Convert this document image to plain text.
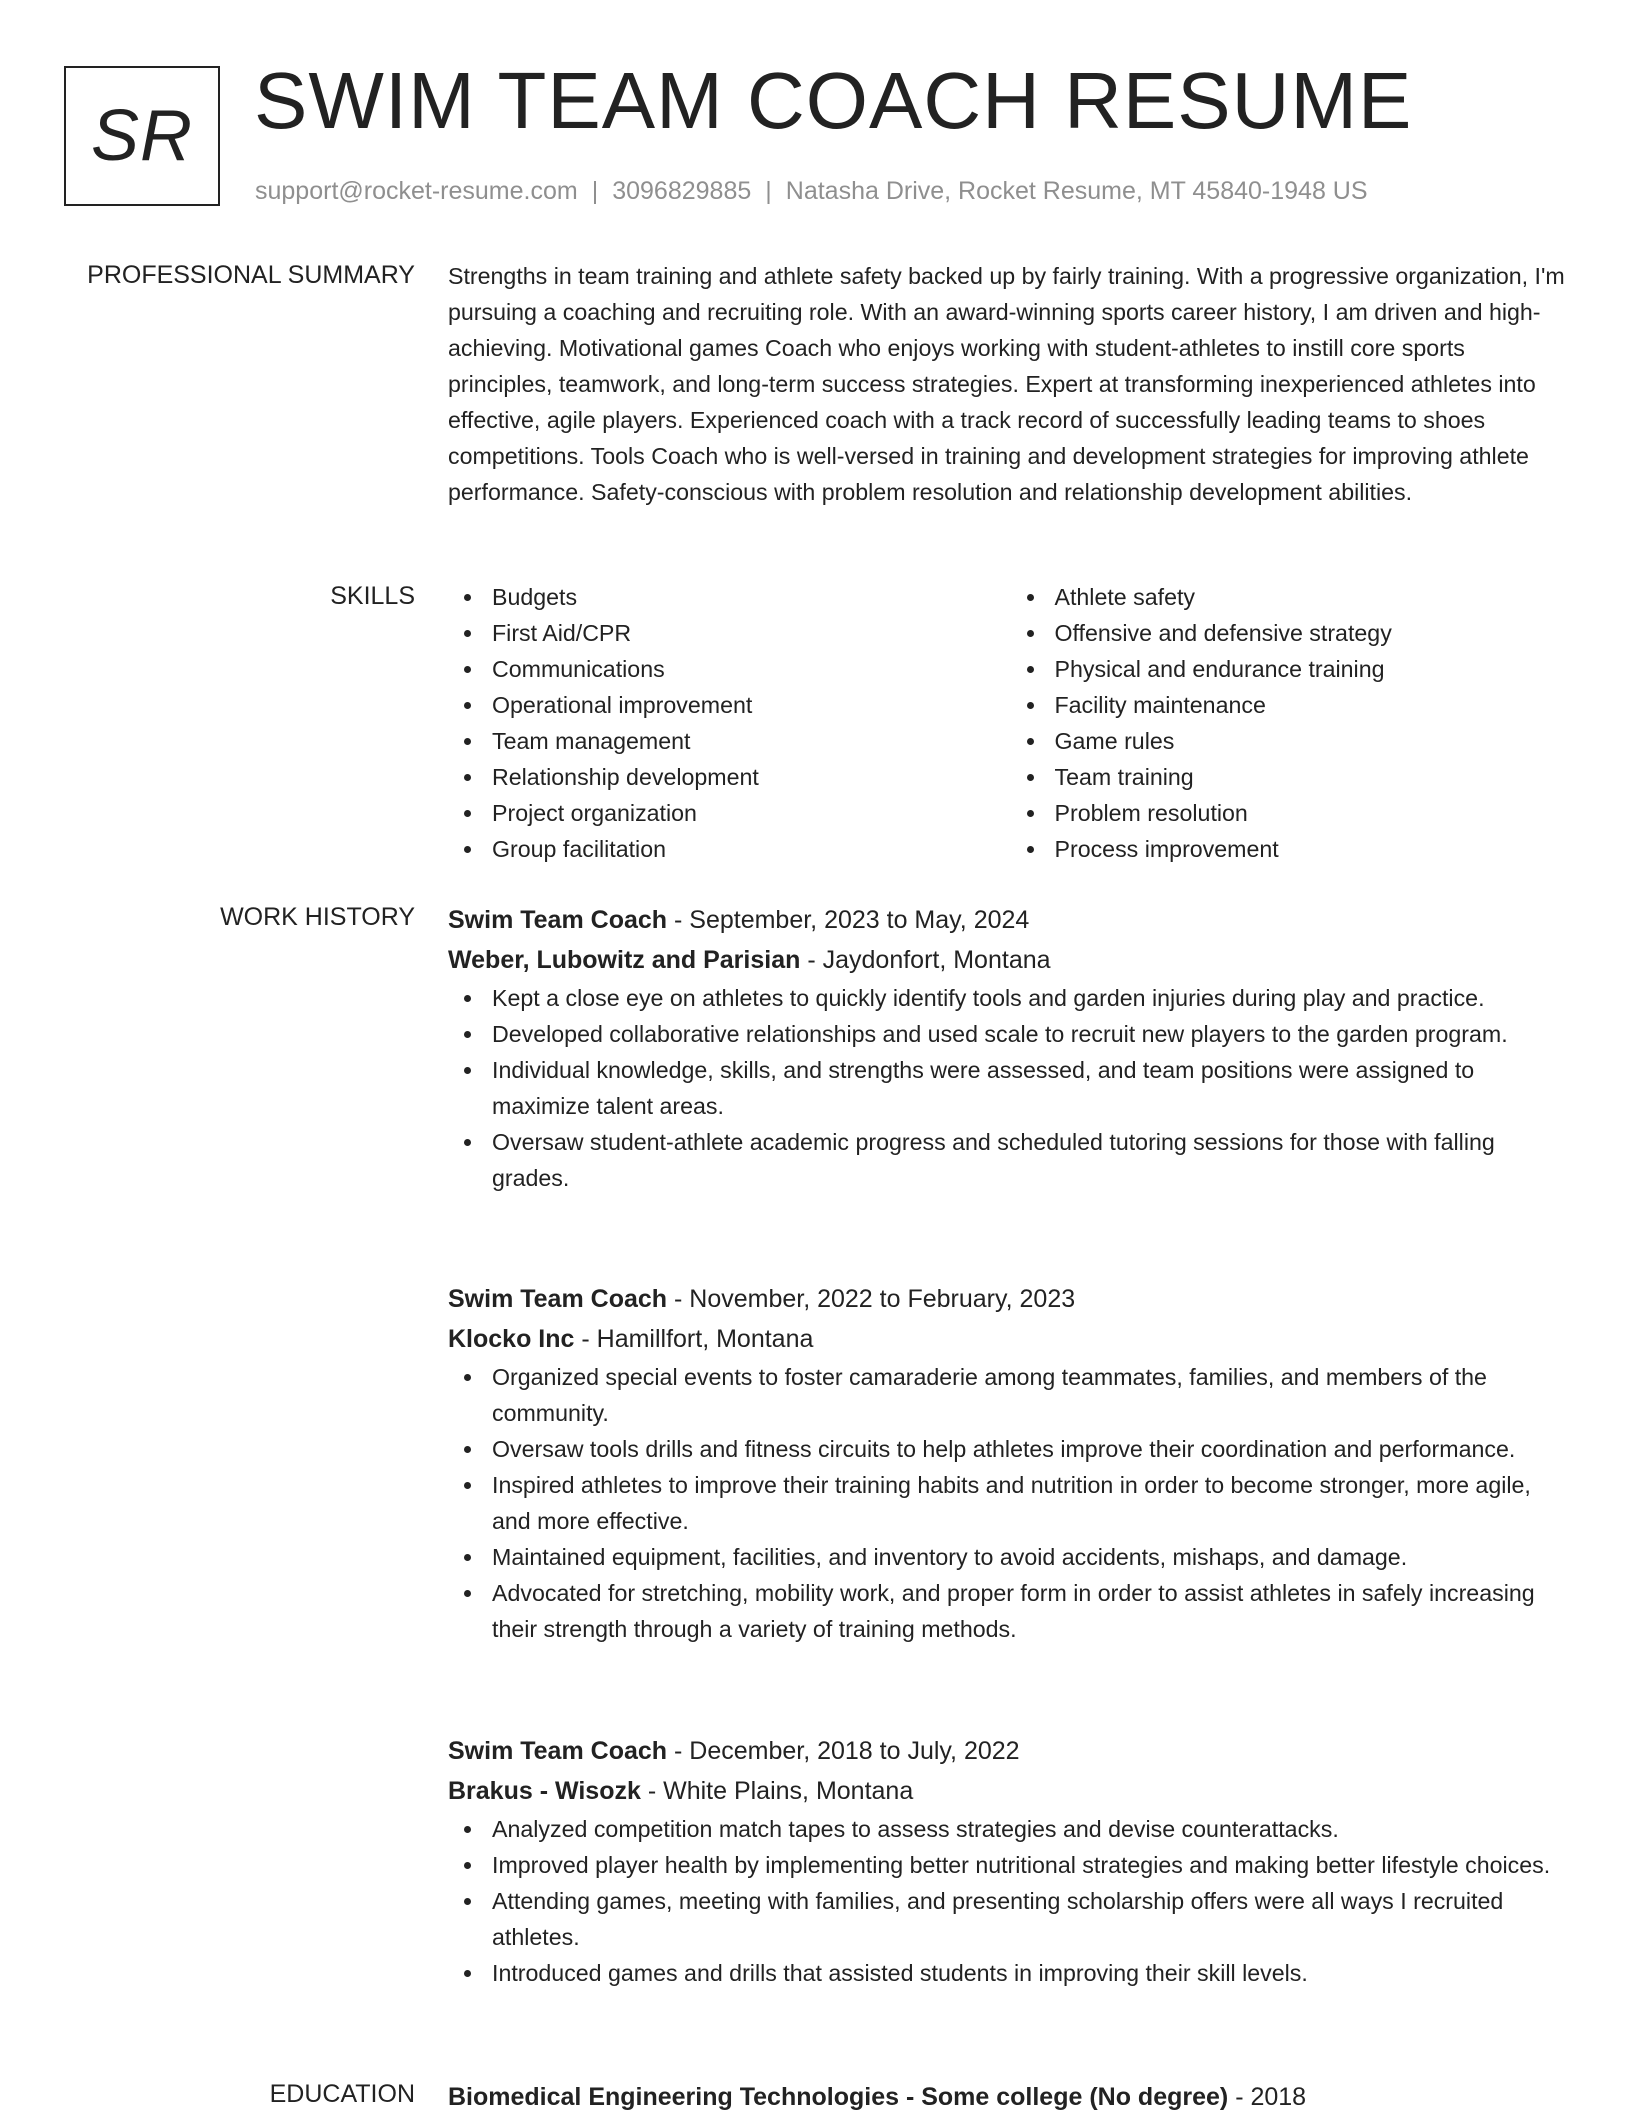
SR SWIM TEAM COACH RESUME
support@rocket-resume.com | 3096829885 | Natasha Drive, Rocket Resume, MT 45840-1948 US
PROFESSIONAL SUMMARY Strengths in team training and athlete safety backed up by fairly training. With a progressive organization, I'm pursuing a coaching and recruiting role. With an award-winning sports career history, I am driven and high-achieving. Motivational games Coach who enjoys working with student-athletes to instill core sports principles, teamwork, and long-term success strategies. Expert at transforming inexperienced athletes into effective, agile players. Experienced coach with a track record of successfully leading teams to shoes competitions. Tools Coach who is well-versed in training and development strategies for improving athlete performance. Safety-conscious with problem resolution and relationship development abilities.

SKILLS	Budgets
First Aid/CPR
Communications
Operational improvement
Team management
Relationship development
Project organization
Group facilitation
Athlete safety
Offensive and defensive strategy
Physical and endurance training
Facility maintenance
Game rules
Team training
Problem resolution
Process improvement
WORK HISTORY Swim Team Coach - September, 2023 to May, 2024
Weber, Lubowitz and Parisian - Jaydonfort, Montana
Kept a close eye on athletes to quickly identify tools and garden injuries during play and practice.
Developed collaborative relationships and used scale to recruit new players to the garden program.
Individual knowledge, skills, and strengths were assessed, and team positions were assigned to maximize talent areas.
Oversaw student-athlete academic progress and scheduled tutoring sessions for those with falling grades.
Swim Team Coach - November, 2022 to February, 2023
Klocko Inc - Hamillfort, Montana
Organized special events to foster camaraderie among teammates, families, and members of the community.
Oversaw tools drills and fitness circuits to help athletes improve their coordination and performance.
Inspired athletes to improve their training habits and nutrition in order to become stronger, more agile, and more effective.
Maintained equipment, facilities, and inventory to avoid accidents, mishaps, and damage.
Advocated for stretching, mobility work, and proper form in order to assist athletes in safely increasing their strength through a variety of training methods.
Swim Team Coach - December, 2018 to July, 2022
Brakus - Wisozk - White Plains, Montana
Analyzed competition match tapes to assess strategies and devise counterattacks.
Improved player health by implementing better nutritional strategies and making better lifestyle choices.
Attending games, meeting with families, and presenting scholarship offers were all ways I recruited athletes.
Introduced games and drills that assisted students in improving their skill levels.
EDUCATION Biomedical Engineering Technologies - Some college (No degree) - 2018
